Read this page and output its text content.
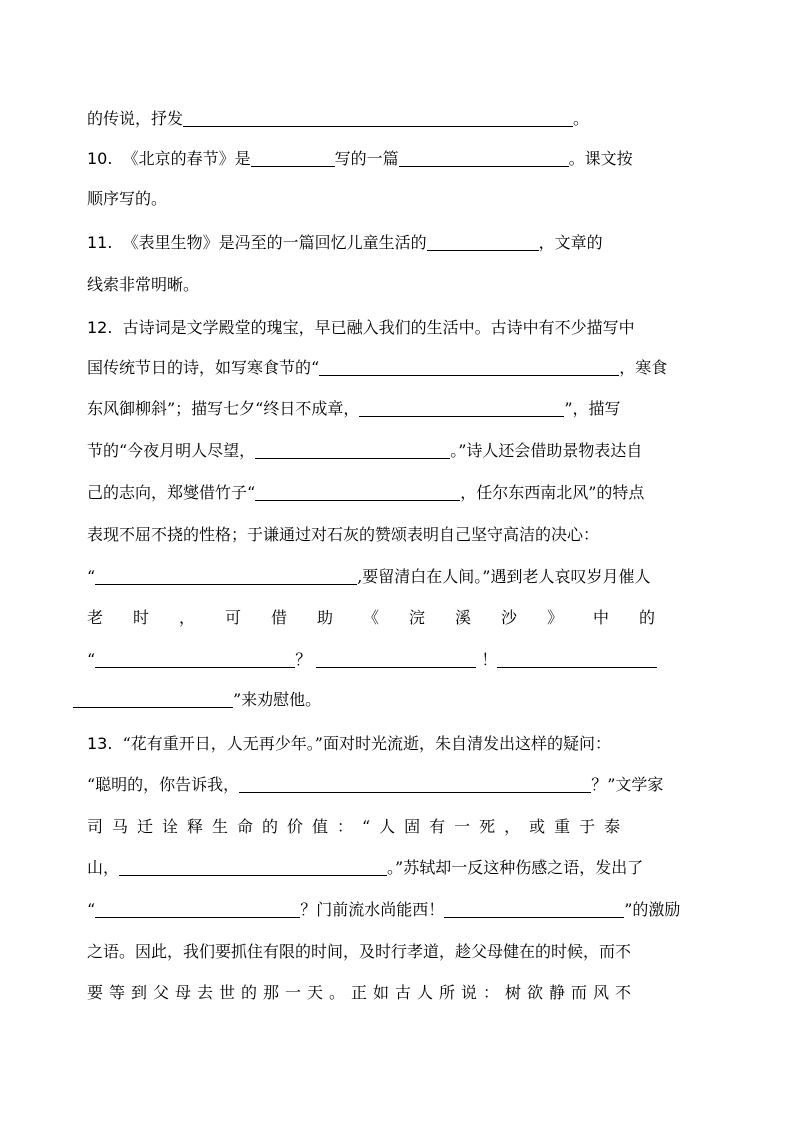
的传说，抒发	。
10. 《北京的春节》是	写的一篇	。课文按
顺序写的。
11. 《表里生物》是冯至的一篇回忆儿童生活的	，文章的
线索非常明晰。
12. 古诗词是文学殿堂的瑰宝，早已融入我们的生活中。古诗中有不少描写中
国传统节日的诗，如写寒食节的“	，寒食
东风御柳斜”；描写七夕“终日不成章，	”，描写
节的“今夜月明人尽望，	。”诗人还会借助景物表达自
己的志向，郑燮借竹子“	，任尔东西南北风”的特点
表现不屈不挠的性格；于谦通过对石灰的赞颂表明自己坚守高洁的决心：
“	,要留清白在人间。”遇到老人哀叹岁月催人
老时，可借助《浣溪沙》中的
“	？	！
”来劝慰他。
13. “花有重开日，人无再少年。”面对时光流逝，朱自清发出这样的疑问：
“聪明的，你告诉我，	？”文学家
司马迁诠释生命的价值：“人固有一死，或重于泰
山，	。”苏轼却一反这种伤感之语，发出了
“	？门前流水尚能西！	”的激励
之语。因此，我们要抓住有限的时间，及时行孝道，趁父母健在的时候，而不
要等到父母去世的那一天。正如古人所说：树欲静而风不
